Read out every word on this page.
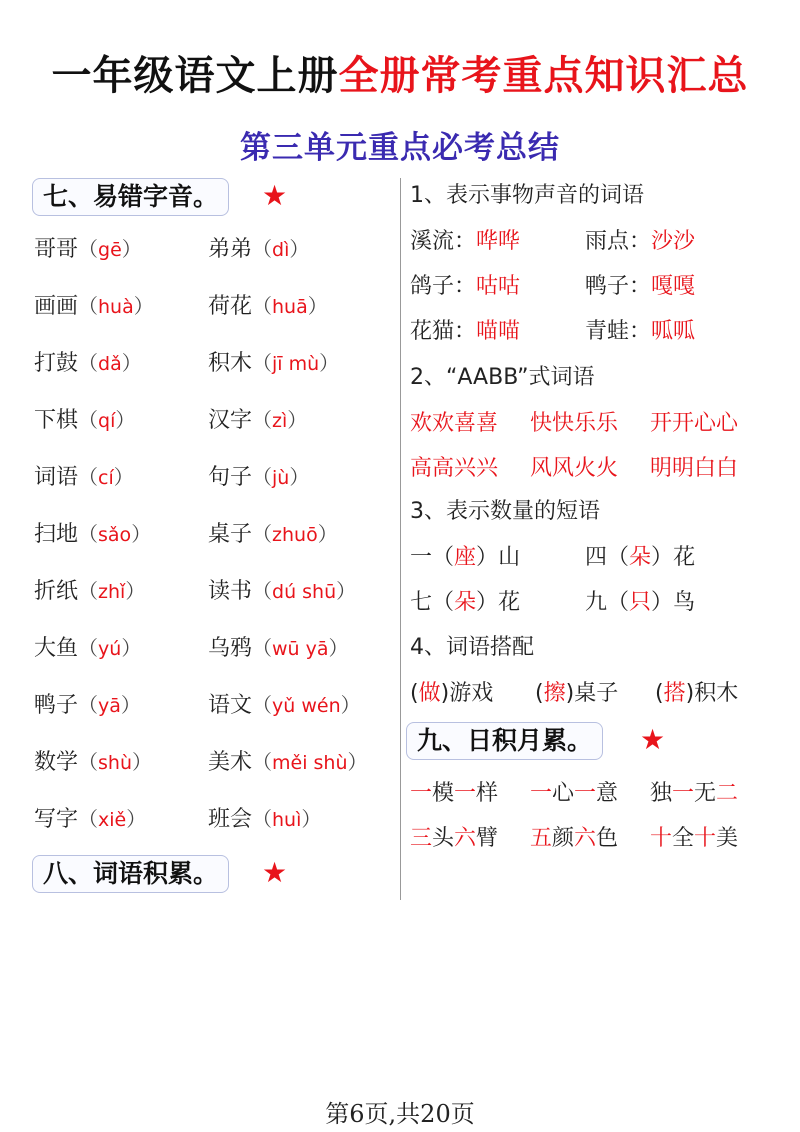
一年级语文上册全册常考重点知识汇总
第三单元重点必考总结
七、易错字音。	★
哥哥（gē）	弟弟（dì）
画画（huà） 荷花（huā）
打鼓（dǎ）	积木（jī mù）
下棋（qí）	汉字（zì）
词语（cí）	句子（jù）
扫地（sǎo）	桌子（zhuō）
折纸（zhǐ）	读书（dú shū）
大鱼（yú）	乌鸦（wū yā）
鸭子（yā）	语文（yǔ wén）
数学（shù）	美术（měi shù）
写字（xiě）	班会（huì）
八、词语积累。	★
1、表示事物声音的词语
溪流：哗哗	雨点：沙沙
鸽子：咕咕	鸭子：嘎嘎
花猫：喵喵	青蛙：呱呱
2、“AABB”式词语
欢欢喜喜 快快乐乐 开开心心
高高兴兴 风风火火 明明白白
3、表示数量的短语
一（座）山	四（朵）花
七（朵）花	九（只）鸟
4、词语搭配
(做)游戏 (擦)桌子 (搭)积木
九、日积月累。	★
一模一样 一心一意 独一无二
三头六臂 五颜六色 十全十美
第6页,共20页
